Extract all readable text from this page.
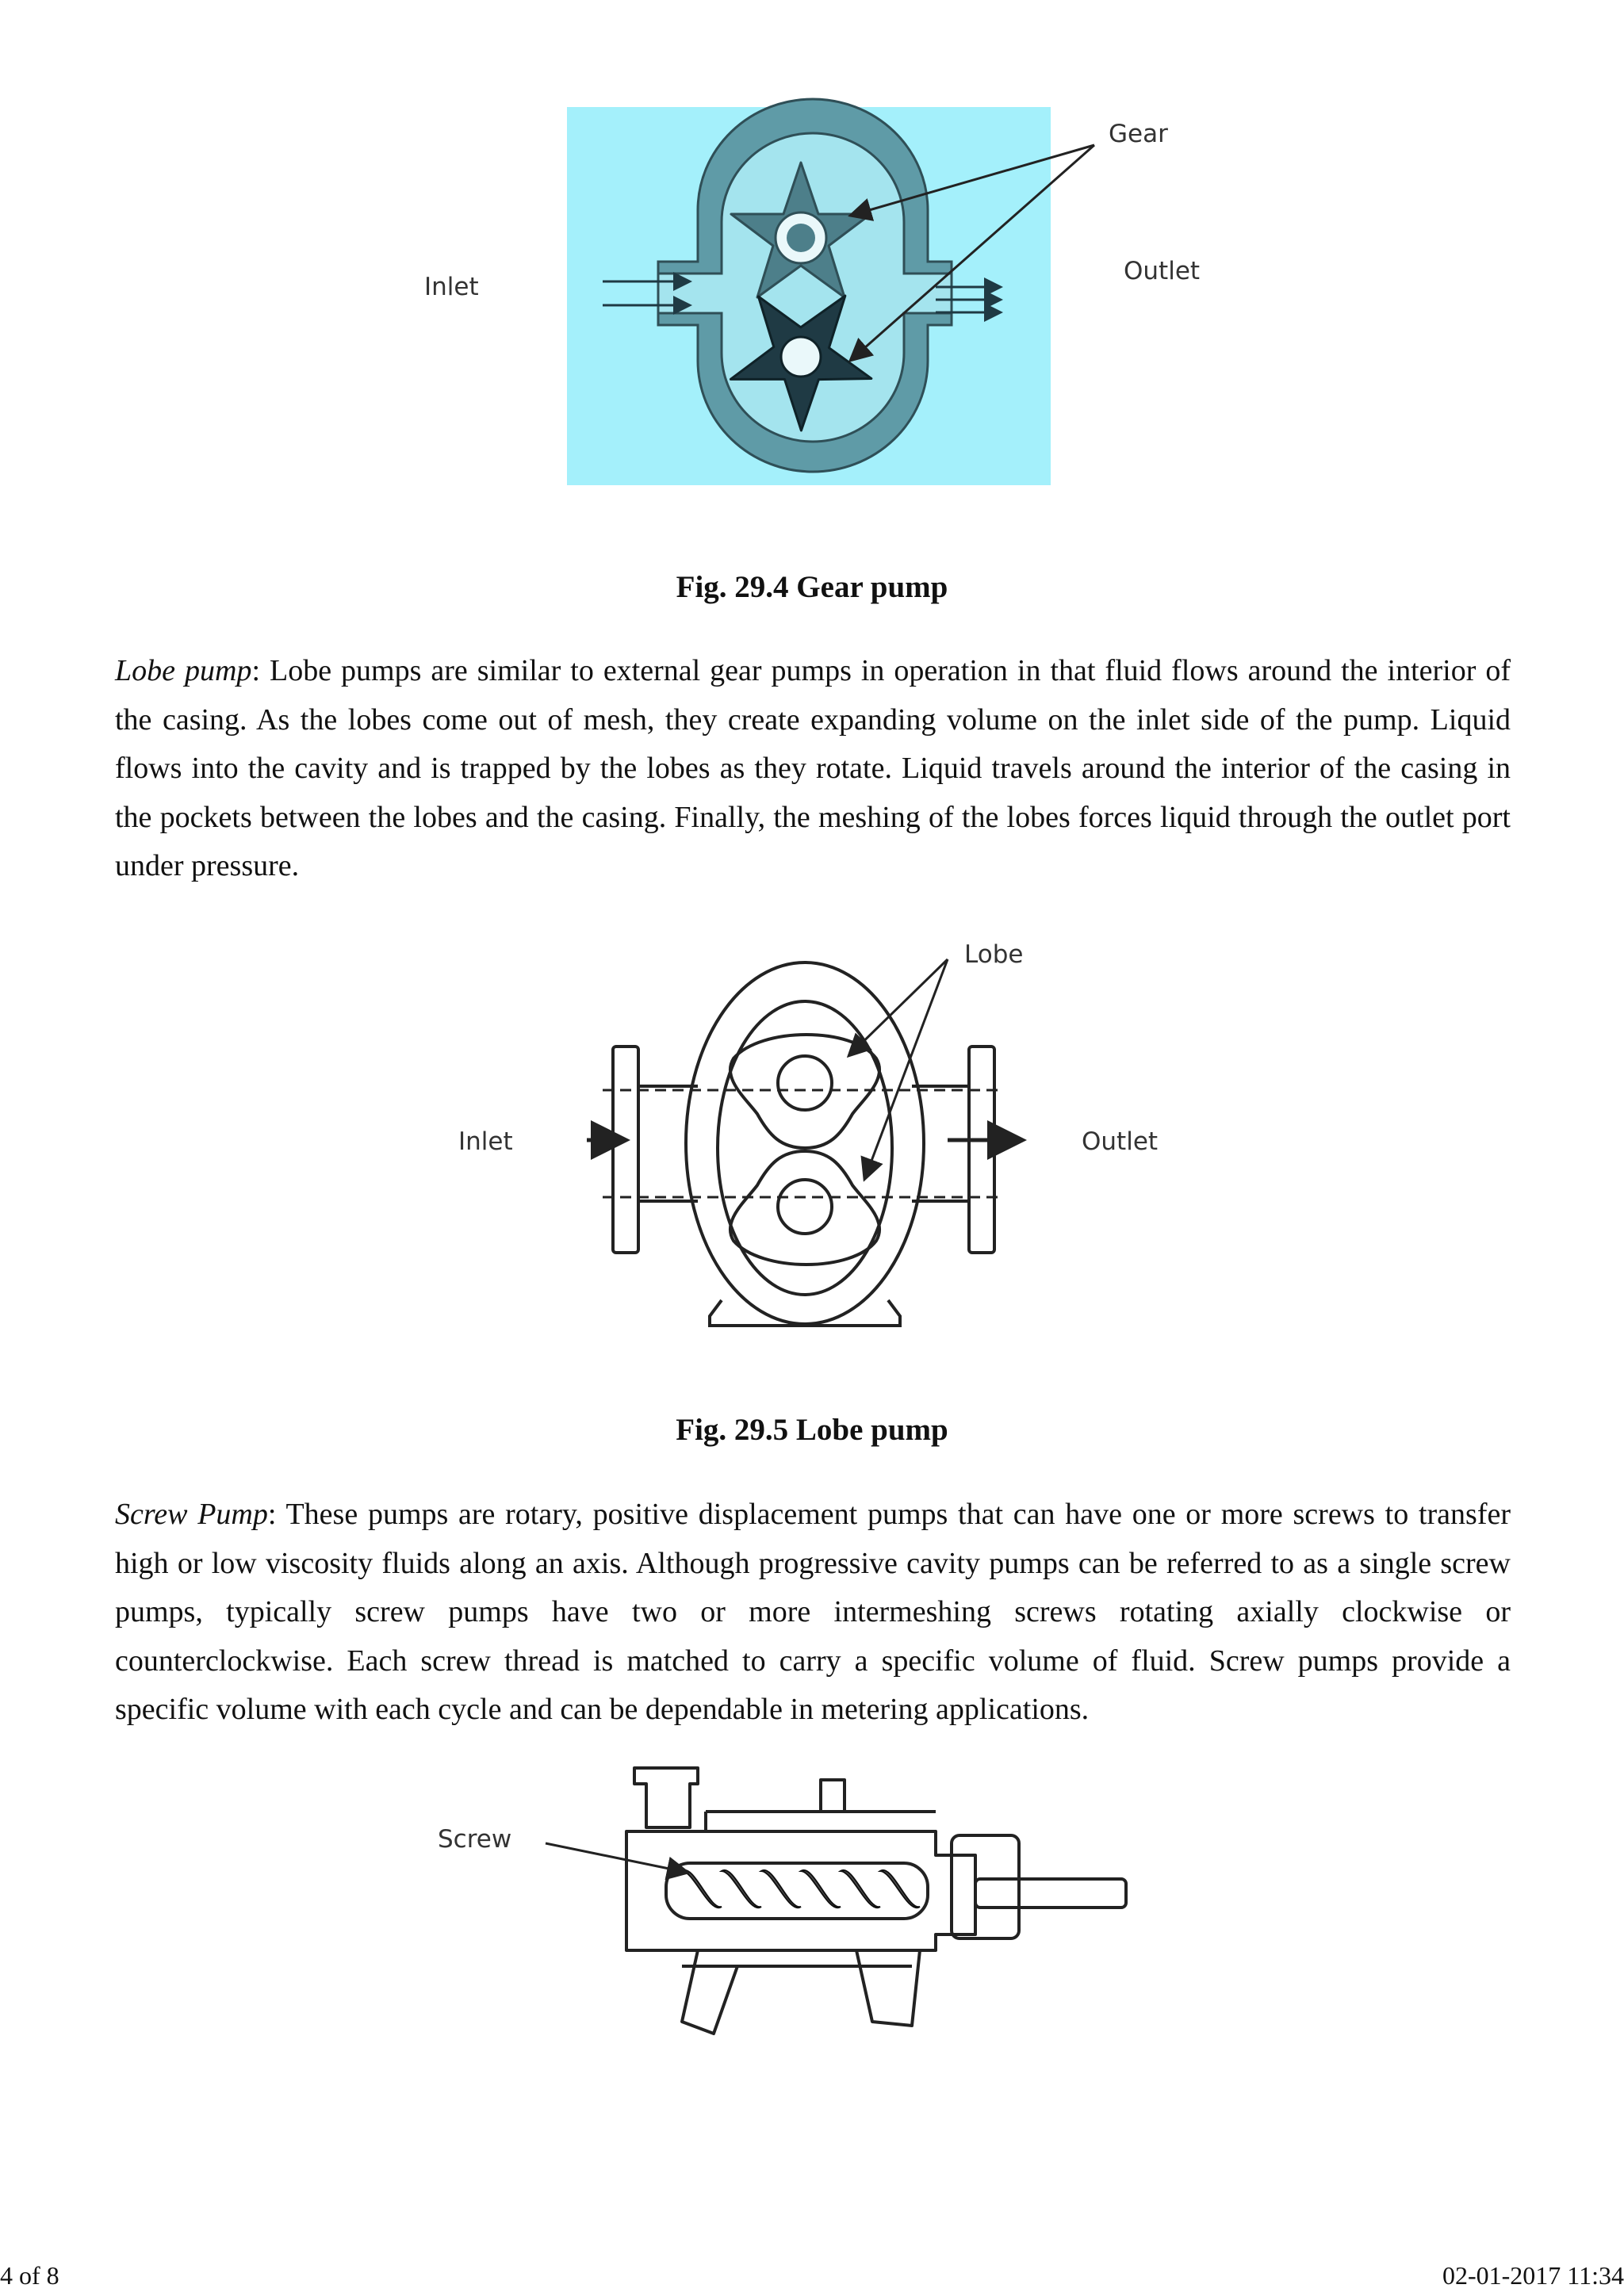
Gear
Inlet
Outlet

Fig. 29.4 Gear pump

Lobe pump: Lobe pumps are similar to external gear pumps in operation in that fluid flows around the interior of the casing. As the lobes come out of mesh, they create expanding volume on the inlet side of the pump. Liquid flows into the cavity and is trapped by the lobes as they rotate. Liquid travels around the interior of the casing in the pockets between the lobes and the casing. Finally, the meshing of the lobes forces liquid through the outlet port under pressure.

Lobe
Inlet	Outlet

Fig. 29.5 Lobe pump

Screw Pump: These pumps are rotary, positive displacement pumps that can have one or more screws to transfer high or low viscosity fluids along an axis. Although progressive cavity pumps can be referred to as a single screw pumps, typically screw pumps have two or more intermeshing screws rotating axially clockwise or counterclockwise. Each screw thread is matched to carry a specific volume of fluid. Screw pumps provide a specific volume with each cycle and can be dependable in metering applications.

Screw
4 of 8	02-01-2017 11:34
